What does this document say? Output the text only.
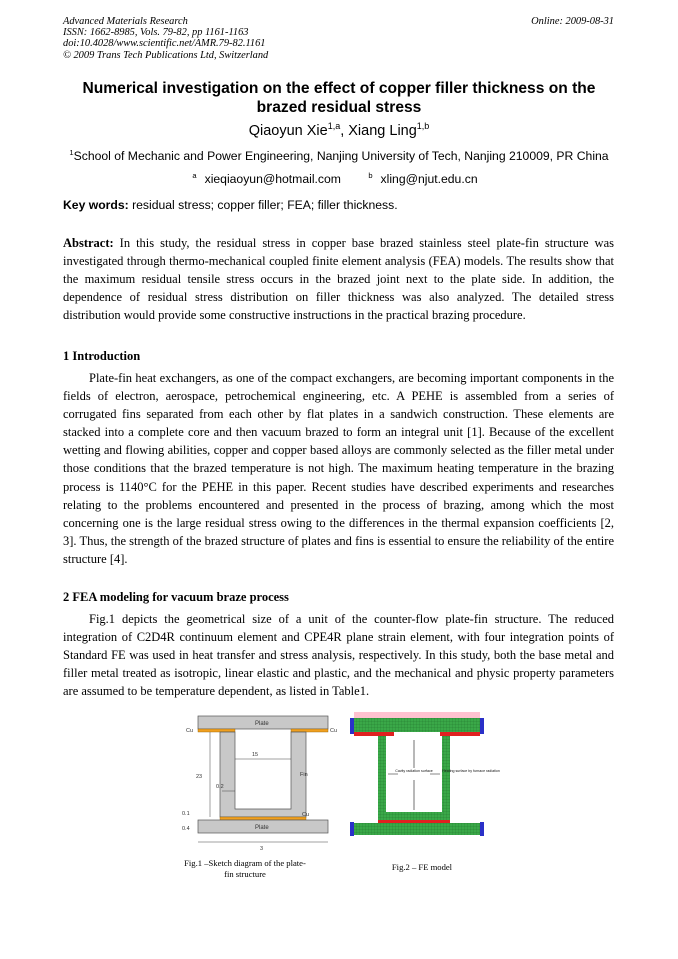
Advanced Materials Research
ISSN: 1662-8985, Vols. 79-82, pp 1161-1163
doi:10.4028/www.scientific.net/AMR.79-82.1161
© 2009 Trans Tech Publications Ltd, Switzerland
Online: 2009-08-31
Numerical investigation on the effect of copper filler thickness on the brazed residual stress
Qiaoyun Xie$^{1,a}$, Xiang Ling$^{1,b}$
$^1$School of Mechanic and Power Engineering, Nanjing University of Tech, Nanjing 210009, PR China
$^a$ xieqiaoyun@hotmail.com	$^b$ xling@njut.edu.cn
Key words: residual stress; copper filler; FEA; filler thickness.
Abstract: In this study, the residual stress in copper base brazed stainless steel plate-fin structure was investigated through thermo-mechanical coupled finite element analysis (FEA) models. The results show that the maximum residual tensile stress occurs in the brazed joint next to the plate side. In addition, the dependence of residual stress distribution on filler thickness was also analyzed. The detailed stress distribution would provide some constructive instructions in the practical brazing procedure.
1 Introduction
Plate-fin heat exchangers, as one of the compact exchangers, are becoming important components in the fields of electron, aerospace, petrochemical engineering, etc. A PEHE is assembled from a series of corrugated fins separated from each other by flat plates in a sandwich construction. These elements are stacked into a complete core and then vacuum brazed to form an integral unit [1]. Because of the excellent wetting and flowing abilities, copper and copper based alloys are commonly selected as the filler metal under those conditions that the brazed temperature is not high. The maximum heating temperature in the brazing process is 1140°C for the PEHE in this paper. Recent studies have described experiments and researches relating to the problems encountered and presented in the process of brazing, among which the most concerning one is the large residual stress owing to the differences in the thermal expansion coefficients [2, 3]. Thus, the strength of the brazed structure of plates and fins is essential to ensure the reliability of the entire structure [4].
2 FEA modeling for vacuum braze process
Fig.1 depicts the geometrical size of a unit of the counter-flow plate-fin structure. The reduced integration of C2D4R continuum element and CPE4R plane strain element, with four integration points of Standard FE was used in heat transfer and stress analysis, respectively. In this study, both the base metal and filler metal treated as isotropic, linear elastic and plastic, and the mechanical and physic property parameters are assumed to be temperature dependent, as listed in Table1.
Plate
Plate
Cu	Cu
Cu
Fin
15
0.2
23
0.1
0.4
3
Fig.1 –Sketch diagram of the plate-fin structure
Cavity radiation surface	Heating surface by furnace radiation
Fig.2 – FE model
